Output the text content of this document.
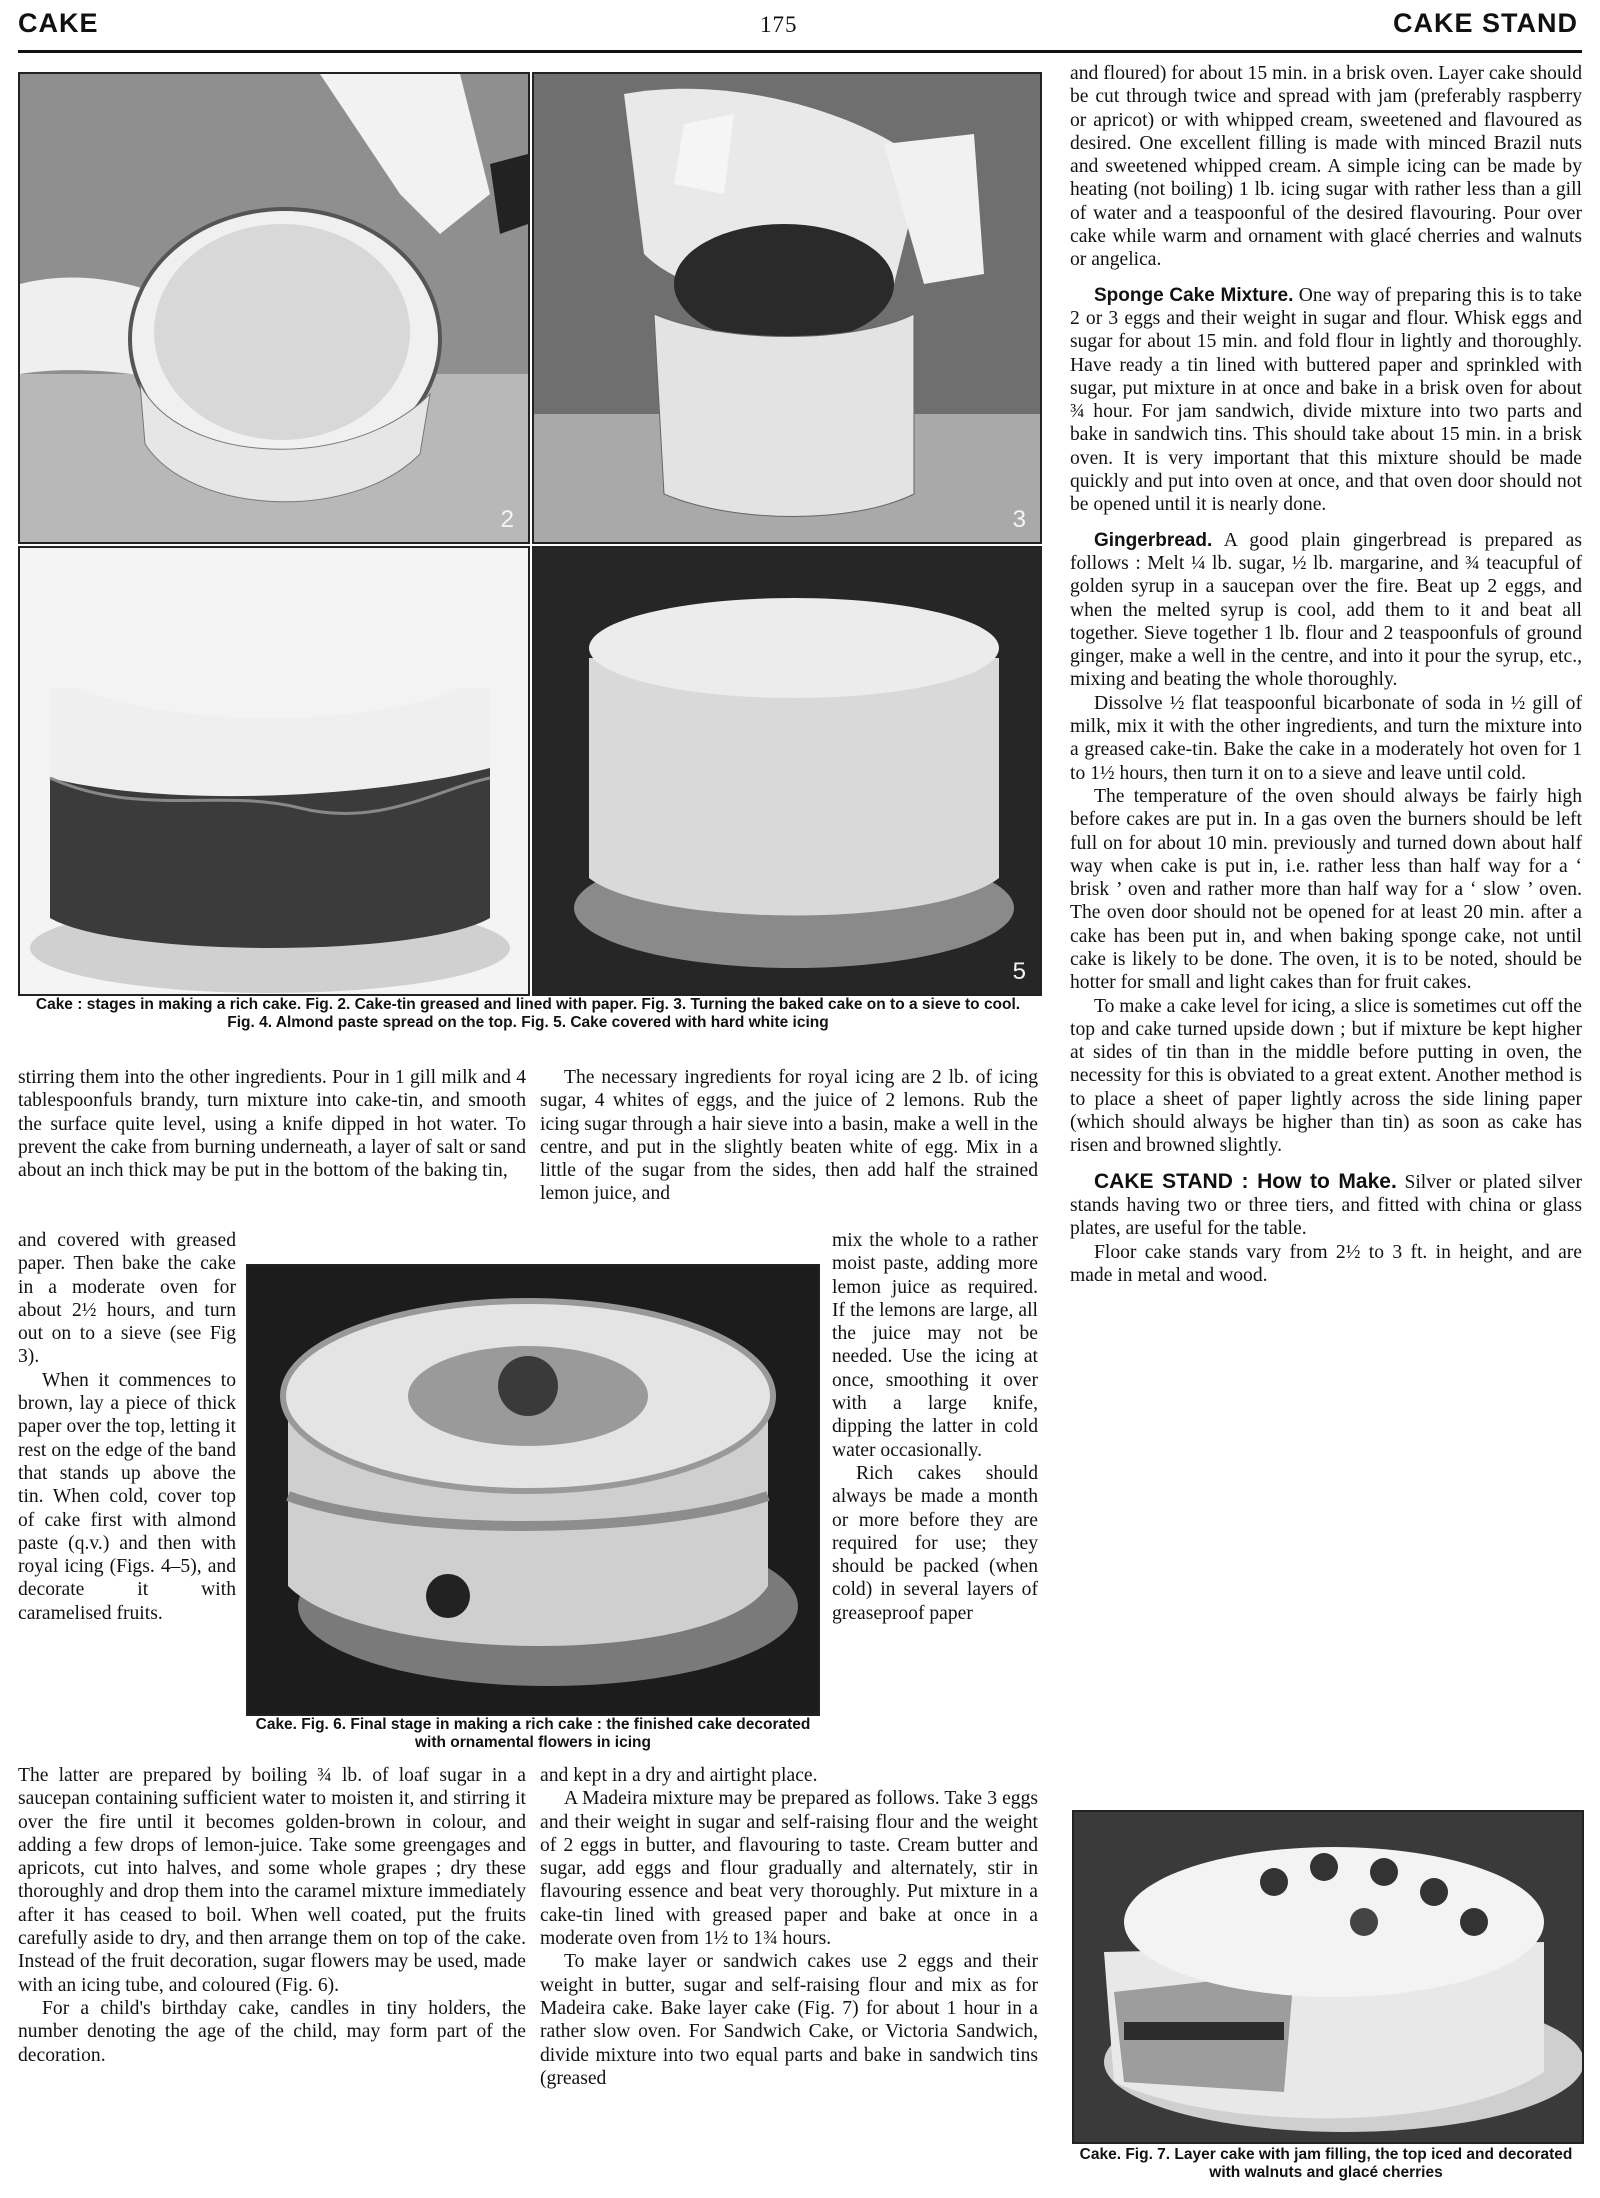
CAKE	175	CAKE STAND
2	3
5
Cake : stages in making a rich cake. Fig. 2. Cake-tin greased and lined with paper. Fig. 3. Turning the baked cake on to a sieve to cool. Fig. 4. Almond paste spread on the top. Fig. 5. Cake covered with hard white icing

stirring them into the other ingredients. Pour in 1 gill milk and 4 tablespoonfuls brandy, turn mixture into cake-tin, and smooth the surface quite level, using a knife dipped in hot water. To prevent the cake from burning underneath, a layer of salt or sand about an inch thick may be put in the bottom of the baking tin,

and covered with greased paper. Then bake the cake in a moderate oven for about 2½ hours, and turn out on to a sieve (see Fig 3).

When it commences to brown, lay a piece of thick paper over the top, letting it rest on the edge of the band that stands up above the tin. When cold, cover top of cake first with almond paste (q.v.) and then with royal icing (Figs. 4–5), and decorate it with caramelised fruits.

The latter are prepared by boiling ¾ lb. of loaf sugar in a saucepan containing sufficient water to moisten it, and stirring it over the fire until it becomes golden-brown in colour, and adding a few drops of lemon-juice. Take some greengages and apricots, cut into halves, and some whole grapes ; dry these thoroughly and drop them into the caramel mixture immediately after it has ceased to boil. When well coated, put the fruits carefully aside to dry, and then arrange them on top of the cake. Instead of the fruit decoration, sugar flowers may be used, made with an icing tube, and coloured (Fig. 6).

For a child's birthday cake, candles in tiny holders, the number denoting the age of the child, may form part of the decoration.

The necessary ingredients for royal icing are 2 lb. of icing sugar, 4 whites of eggs, and the juice of 2 lemons. Rub the icing sugar through a hair sieve into a basin, make a well in the centre, and put in the slightly beaten white of egg. Mix in a little of the sugar from the sides, then add half the strained lemon juice, and

mix the whole to a rather moist paste, adding more lemon juice as required. If the lemons are large, all the juice may not be needed. Use the icing at once, smoothing it over with a large knife, dipping the latter in cold water occasionally.

Rich cakes should always be made a month or more before they are required for use; they should be packed (when cold) in several layers of greaseproof paper

and kept in a dry and airtight place.

A Madeira mixture may be prepared as follows. Take 3 eggs and their weight in sugar and self-raising flour and the weight of 2 eggs in butter, and flavouring to taste. Cream butter and sugar, add eggs and flour gradually and alternately, stir in flavouring essence and beat very thoroughly. Put mixture in a cake-tin lined with greased paper and bake at once in a moderate oven from 1½ to 1¾ hours.

To make layer or sandwich cakes use 2 eggs and their weight in butter, sugar and self-raising flour and mix as for Madeira cake. Bake layer cake (Fig. 7) for about 1 hour in a rather slow oven. For Sandwich Cake, or Victoria Sandwich, divide mixture into two equal parts and bake in sandwich tins (greased

Cake. Fig. 6. Final stage in making a rich cake : the finished cake decorated with ornamental flowers in icing

and floured) for about 15 min. in a brisk oven. Layer cake should be cut through twice and spread with jam (preferably raspberry or apricot) or with whipped cream, sweetened and flavoured as desired. One excellent filling is made with minced Brazil nuts and sweetened whipped cream. A simple icing can be made by heating (not boiling) 1 lb. icing sugar with rather less than a gill of water and a teaspoonful of the desired flavouring. Pour over cake while warm and ornament with glacé cherries and walnuts or angelica.

Sponge Cake Mixture. One way of preparing this is to take 2 or 3 eggs and their weight in sugar and flour. Whisk eggs and sugar for about 15 min. and fold flour in lightly and thoroughly. Have ready a tin lined with buttered paper and sprinkled with sugar, put mixture in at once and bake in a brisk oven for about ¾ hour. For jam sandwich, divide mixture into two parts and bake in sandwich tins. This should take about 15 min. in a brisk oven. It is very important that this mixture should be made quickly and put into oven at once, and that oven door should not be opened until it is nearly done.

Gingerbread. A good plain gingerbread is prepared as follows : Melt ¼ lb. sugar, ½ lb. margarine, and ¾ teacupful of golden syrup in a saucepan over the fire. Beat up 2 eggs, and when the melted syrup is cool, add them to it and beat all together. Sieve together 1 lb. flour and 2 teaspoonfuls of ground ginger, make a well in the centre, and into it pour the syrup, etc., mixing and beating the whole thoroughly.

Dissolve ½ flat teaspoonful bicarbonate of soda in ½ gill of milk, mix it with the other ingredients, and turn the mixture into a greased cake-tin. Bake the cake in a moderately hot oven for 1 to 1½ hours, then turn it on to a sieve and leave until cold.

The temperature of the oven should always be fairly high before cakes are put in. In a gas oven the burners should be left full on for about 10 min. previously and turned down about half way when cake is put in, i.e. rather less than half way for a ‘ brisk ’ oven and rather more than half way for a ‘ slow ’ oven. The oven door should not be opened for at least 20 min. after a cake has been put in, and when baking sponge cake, not until cake is likely to be done. The oven, it is to be noted, should be hotter for small and light cakes than for fruit cakes.

To make a cake level for icing, a slice is sometimes cut off the top and cake turned upside down ; but if mixture be kept higher at sides of tin than in the middle before putting in oven, the necessity for this is obviated to a great extent. Another method is to place a sheet of paper lightly across the side lining paper (which should always be higher than tin) as soon as cake has risen and browned slightly.

CAKE STAND : How to Make. Silver or plated silver stands having two or three tiers, and fitted with china or glass plates, are useful for the table.

Floor cake stands vary from 2½ to 3 ft. in height, and are made in metal and wood.

Cake. Fig. 7. Layer cake with jam filling, the top iced and decorated with walnuts and glacé cherries
